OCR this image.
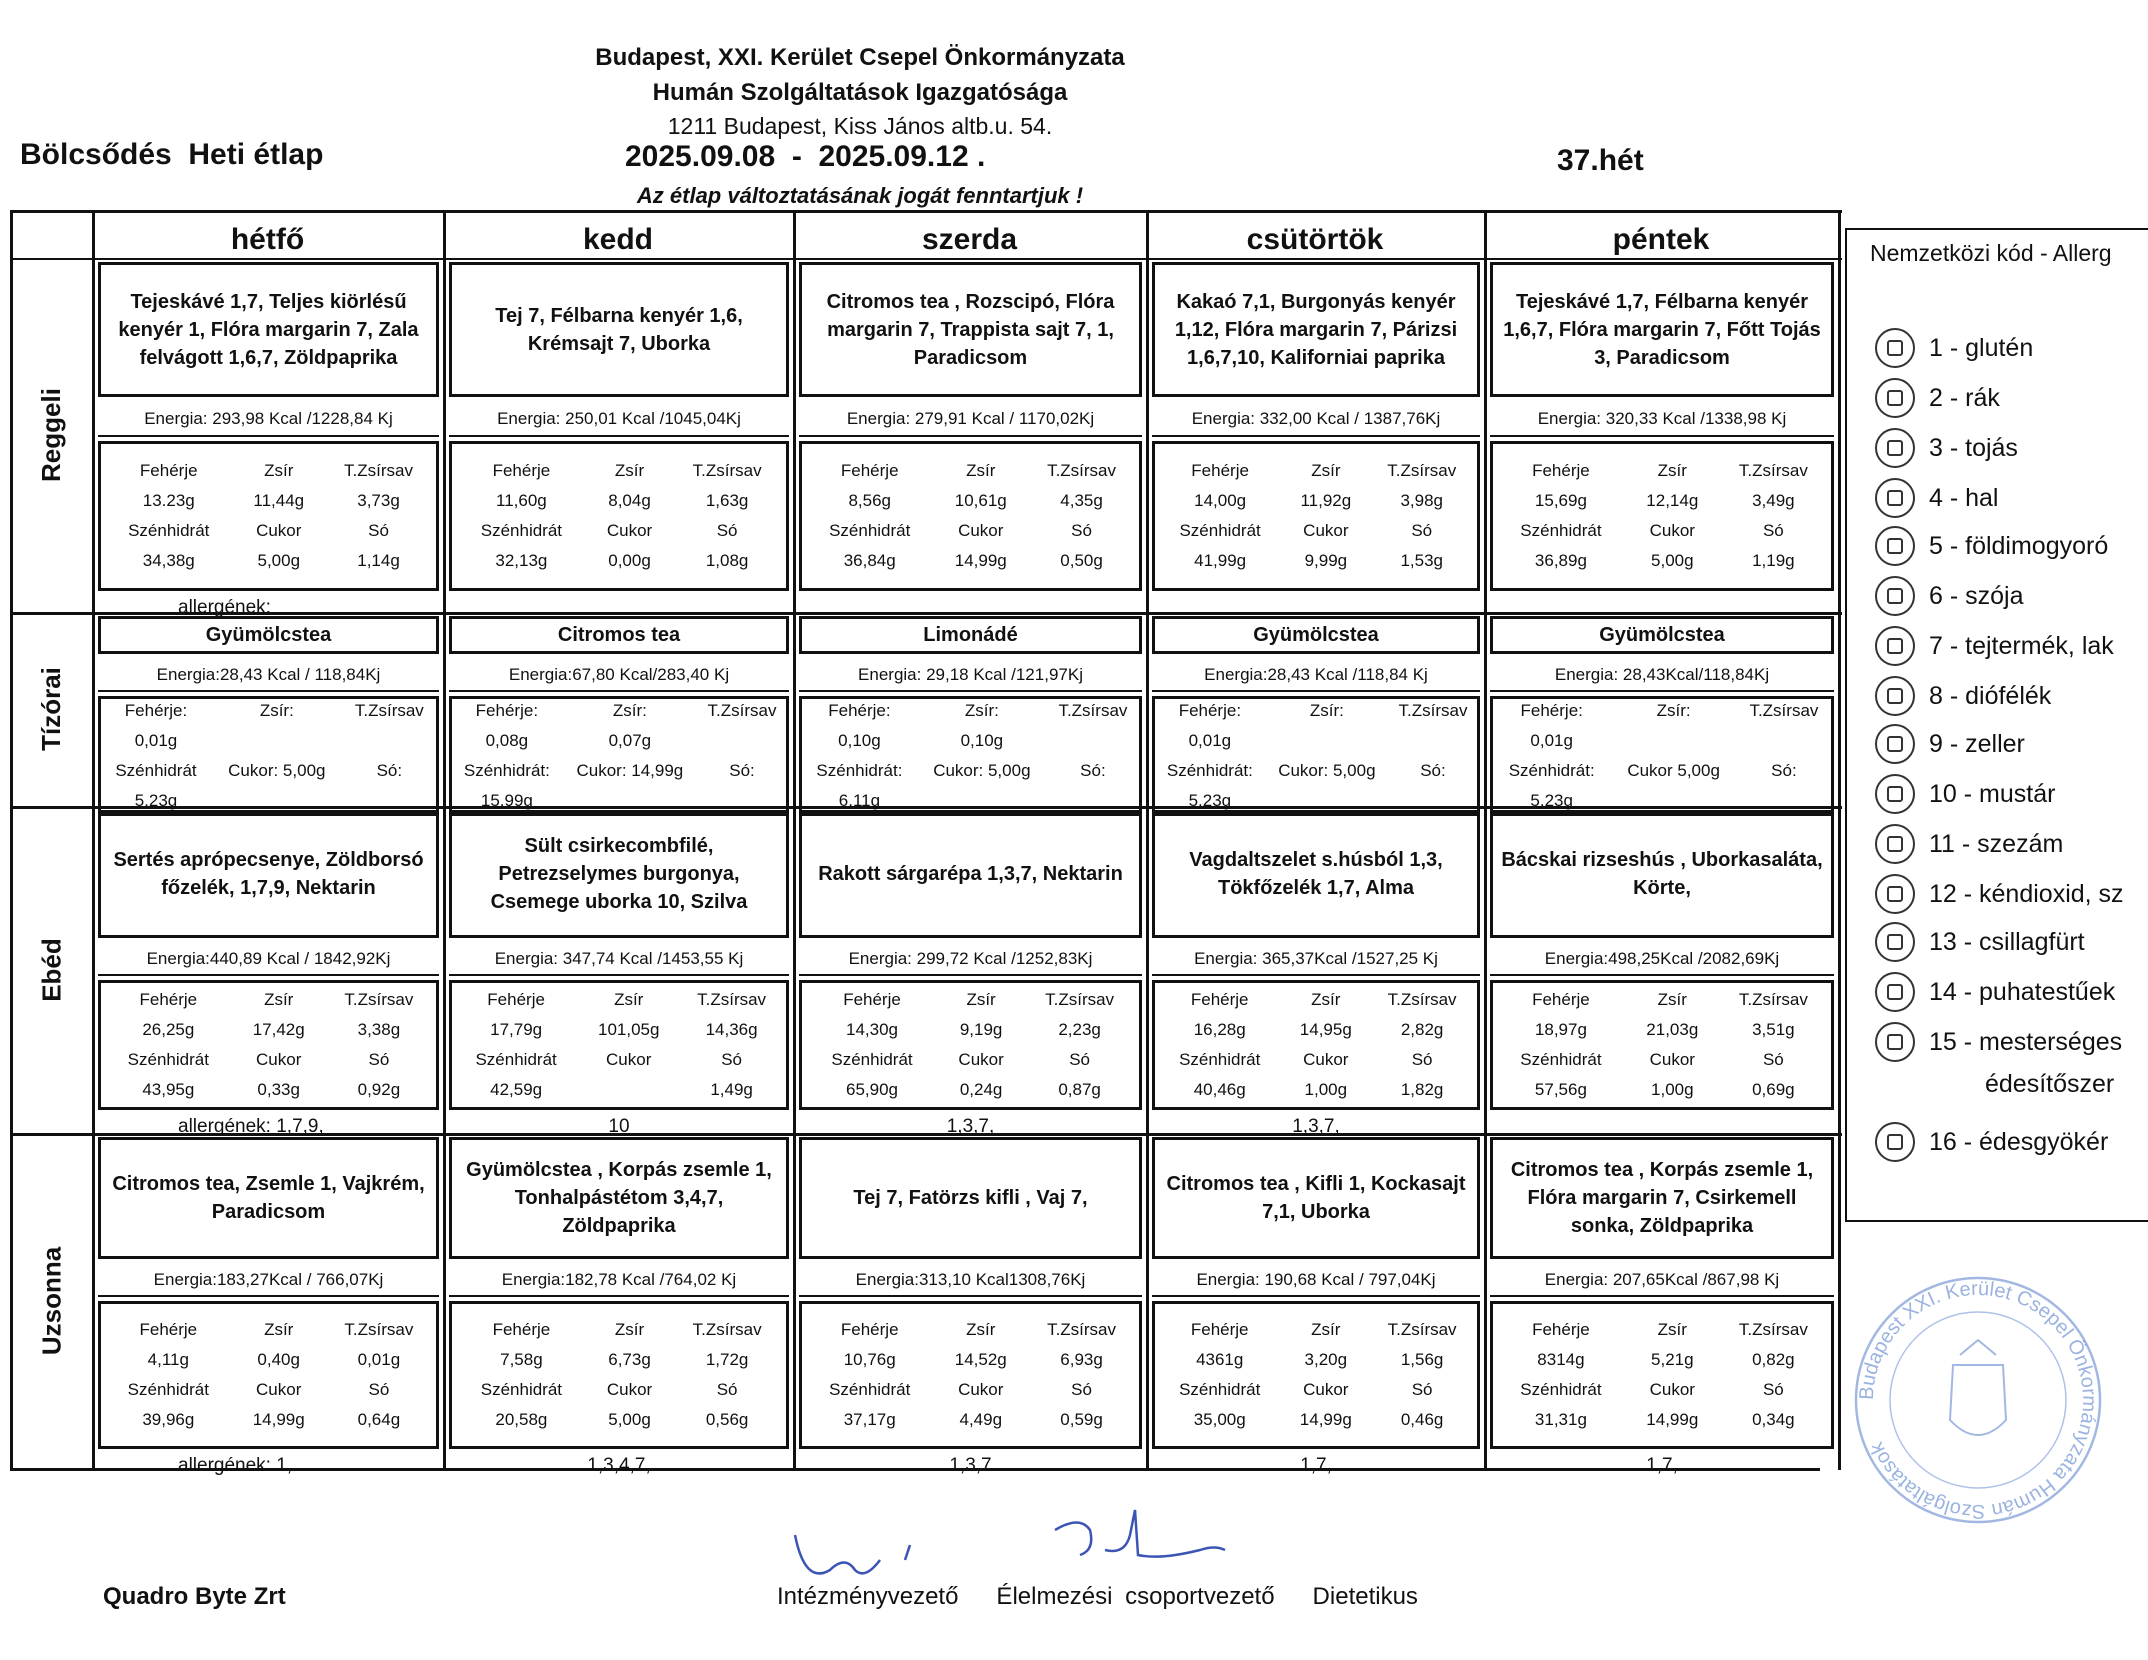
Budapest, XXI. Kerület Csepel Önkormányzata
Humán Szolgáltatások Igazgatósága
1211 Budapest, Kiss János altb.u. 54.
Bölcsődés  Heti étlap	2025.09.08  -  2025.09.12 .	37.hét
Az étlap változtatásának jogát fenntartjuk !
hétfő	kedd	szerda	csütörtök	péntek
Reggeli
Tízórai
Ebéd
Uzsonna
Tejeskávé 1,7, Teljes kiörlésű kenyér 1, Flóra margarin 7, Zala felvágott 1,6,7, Zöldpaprika
Energia: 293,98 Kcal /1228,84 Kj
Fehérje	Zsír	T.Zsírsav
13.23g	11,44g	3,73g
Szénhidrát	Cukor	Só
34,38g	5,00g	1,14g
allergének:
Tej 7, Félbarna kenyér 1,6, Krémsajt 7, Uborka
Energia: 250,01 Kcal /1045,04Kj
Fehérje	Zsír	T.Zsírsav
11,60g	8,04g	1,63g
Szénhidrát	Cukor	Só
32,13g	0,00g	1,08g
Citromos tea , Rozscipó, Flóra margarin 7, Trappista sajt 7, 1, Paradicsom
Energia: 279,91 Kcal / 1170,02Kj
Fehérje	Zsír	T.Zsírsav
8,56g	10,61g	4,35g
Szénhidrát	Cukor	Só
36,84g	14,99g	0,50g
Kakaó 7,1, Burgonyás kenyér 1,12, Flóra margarin 7, Párizsi 1,6,7,10, Kaliforniai paprika
Energia: 332,00 Kcal / 1387,76Kj
Fehérje	Zsír	T.Zsírsav
14,00g	11,92g	3,98g
Szénhidrát	Cukor	Só
41,99g	9,99g	1,53g
Tejeskávé 1,7, Félbarna kenyér 1,6,7, Flóra margarin 7, Főtt Tojás 3, Paradicsom
Energia: 320,33 Kcal /1338,98 Kj
Fehérje	Zsír	T.Zsírsav
15,69g	12,14g	3,49g
Szénhidrát	Cukor	Só
36,89g	5,00g	1,19g
Gyümölcstea
Energia:28,43 Kcal / 118,84Kj
Fehérje:	Zsír:	T.Zsírsav
0,01g		
Szénhidrát	Cukor: 5,00g	Só:
5,23g		
Citromos tea
Energia:67,80 Kcal/283,40 Kj
Fehérje:	Zsír:	T.Zsírsav
0,08g	0,07g	
Szénhidrát:	Cukor: 14,99g	Só:
15,99g		
Limonádé
Energia: 29,18 Kcal /121,97Kj
Fehérje:	Zsír:	T.Zsírsav
0,10g	0,10g	
Szénhidrát:	Cukor: 5,00g	Só:
6,11g		
Gyümölcstea
Energia:28,43 Kcal /118,84 Kj
Fehérje:	Zsír:	T.Zsírsav
0,01g		
Szénhidrát:	Cukor: 5,00g	Só:
5,23g		
Gyümölcstea
Energia: 28,43Kcal/118,84Kj
Fehérje:	Zsír:	T.Zsírsav
0,01g		
Szénhidrát:	Cukor 5,00g	Só:
5,23g		
Sertés aprópecsenye, Zöldborsó főzelék, 1,7,9, Nektarin
Energia:440,89 Kcal / 1842,92Kj
Fehérje	Zsír	T.Zsírsav
26,25g	17,42g	3,38g
Szénhidrát	Cukor	Só
43,95g	0,33g	0,92g
allergének: 1,7,9,
Sült csirkecombfilé, Petrezselymes burgonya, Csemege uborka 10, Szilva
Energia: 347,74 Kcal /1453,55 Kj
Fehérje	Zsír	T.Zsírsav
17,79g	101,05g	14,36g
Szénhidrát	Cukor	Só
42,59g		1,49g
10
Rakott sárgarépa 1,3,7, Nektarin
Energia: 299,72 Kcal /1252,83Kj
Fehérje	Zsír	T.Zsírsav
14,30g	9,19g	2,23g
Szénhidrát	Cukor	Só
65,90g	0,24g	0,87g
1,3,7,
Vagdaltszelet s.húsból 1,3, Tökfőzelék 1,7, Alma
Energia: 365,37Kcal /1527,25 Kj
Fehérje	Zsír	T.Zsírsav
16,28g	14,95g	2,82g
Szénhidrát	Cukor	Só
40,46g	1,00g	1,82g
1,3,7,
Bácskai rizseshús , Uborkasaláta, Körte,
Energia:498,25Kcal /2082,69Kj
Fehérje	Zsír	T.Zsírsav
18,97g	21,03g	3,51g
Szénhidrát	Cukor	Só
57,56g	1,00g	0,69g
Citromos tea, Zsemle 1, Vajkrém, Paradicsom
Energia:183,27Kcal / 766,07Kj
Fehérje	Zsír	T.Zsírsav
4,11g	0,40g	0,01g
Szénhidrát	Cukor	Só
39,96g	14,99g	0,64g
allergének: 1,
Gyümölcstea , Korpás zsemle 1, Tonhalpástétom 3,4,7, Zöldpaprika
Energia:182,78 Kcal /764,02 Kj
Fehérje	Zsír	T.Zsírsav
7,58g	6,73g	1,72g
Szénhidrát	Cukor	Só
20,58g	5,00g	0,56g
1,3,4,7,
Tej 7, Fatörzs kifli , Vaj 7,
Energia:313,10 Kcal1308,76Kj
Fehérje	Zsír	T.Zsírsav
10,76g	14,52g	6,93g
Szénhidrát	Cukor	Só
37,17g	4,49g	0,59g
1,3,7
Citromos tea , Kifli 1, Kockasajt 7,1, Uborka
Energia: 190,68 Kcal / 797,04Kj
Fehérje	Zsír	T.Zsírsav
4361g	3,20g	1,56g
Szénhidrát	Cukor	Só
35,00g	14,99g	0,46g
1,7,
Citromos tea , Korpás zsemle 1, Flóra margarin 7, Csirkemell sonka, Zöldpaprika
Energia: 207,65Kcal /867,98 Kj
Fehérje	Zsír	T.Zsírsav
8314g	5,21g	0,82g
Szénhidrát	Cukor	Só
31,31g	14,99g	0,34g
1,7,
Nemzetközi kód - Allerg
1 - glutén
2 - rák
3 - tojás
4 - hal
5 - földimogyoró
6 - szója
7 - tejtermék, lak
8 - diófélék
9 - zeller
10 - mustár
11 - szezám
12 - kéndioxid, sz
13 - csillagfürt
14 - puhatestűek
15 - mesterséges
édesítőszer
16 - édesgyökér
Budapest XXI. Kerület Csepel Önkormányzata Humán Szolgáltatások
Quadro Byte Zrt	Intézményvezető   Élelmezési csoportvezető   Dietetikus
